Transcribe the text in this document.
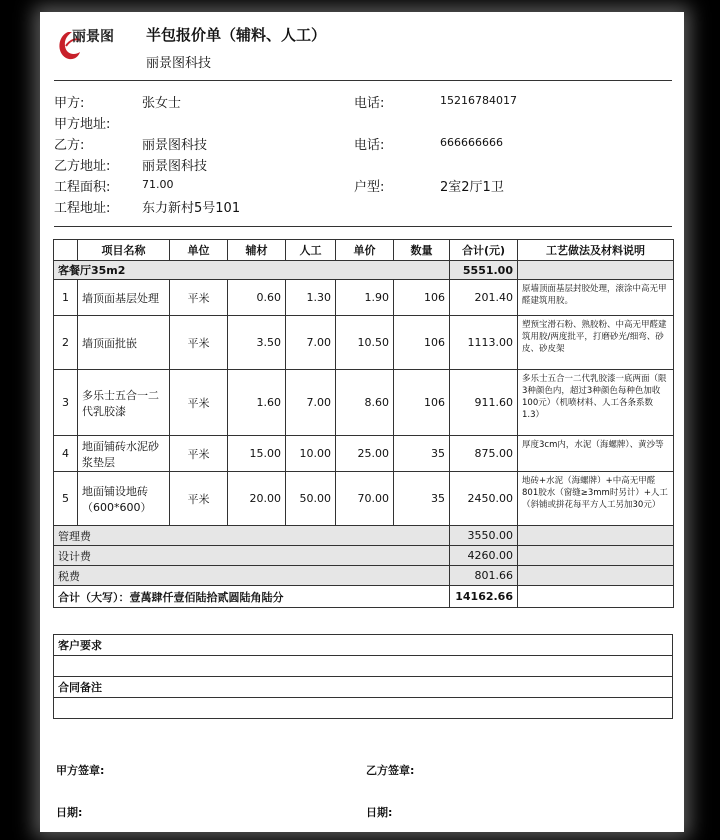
丽景图 半包报价单（辅料、人工）
丽景图科技
甲方:	张女士	电话:	15216784017
甲方地址:
乙方:	丽景图科技	电话:	666666666
乙方地址: 丽景图科技
工程面积:	71.00	户型:	2室2厅1卫
工程地址: 东力新村5号101
	项目名称	单位	辅材	人工	单价	数量	合计(元)	工艺做法及材料说明
客餐厅35m2							5551.00	
1	墙顶面基层处理	平米	0.60	1.30	1.90	106	201.40	原墙顶面基层封胶处理，滚涂中高无甲醛建筑用胶。
2	墙顶面批嵌	平米	3.50	7.00	10.50	106	1113.00	塑预宝滑石粉、熟胶粉、中高无甲醛建筑用胶/两度批平，打磨砂光/细弯、砂皮、砂皮架
3	多乐士五合一二代乳胶漆	平米	1.60	7.00	8.60	106	911.60	多乐士五合一二代乳胶漆一底两面（限3种颜色内，超过3种颜色每种色加收100元）（机喷材料、人工各条系数1.3）
4	地面铺砖水泥砂浆垫层	平米	15.00	10.00	25.00	35	875.00	厚度3cm内，水泥（海螺牌）、黄沙等
5	地面铺设地砖（600*600）	平米	20.00	50.00	70.00	35	2450.00	地砖+水泥（海螺牌）+中高无甲醛801胶水（窗缝≥3mm时另计）+人工（斜铺或拼花每平方人工另加30元）
管理费							3550.00	
设计费							4260.00	
税费							801.66	
合计（大写）：壹萬肆仟壹佰陆拾贰圆陆角陆分							14162.66	
客户要求

合同备注

甲方签章:	乙方签章:
日期:	日期:
